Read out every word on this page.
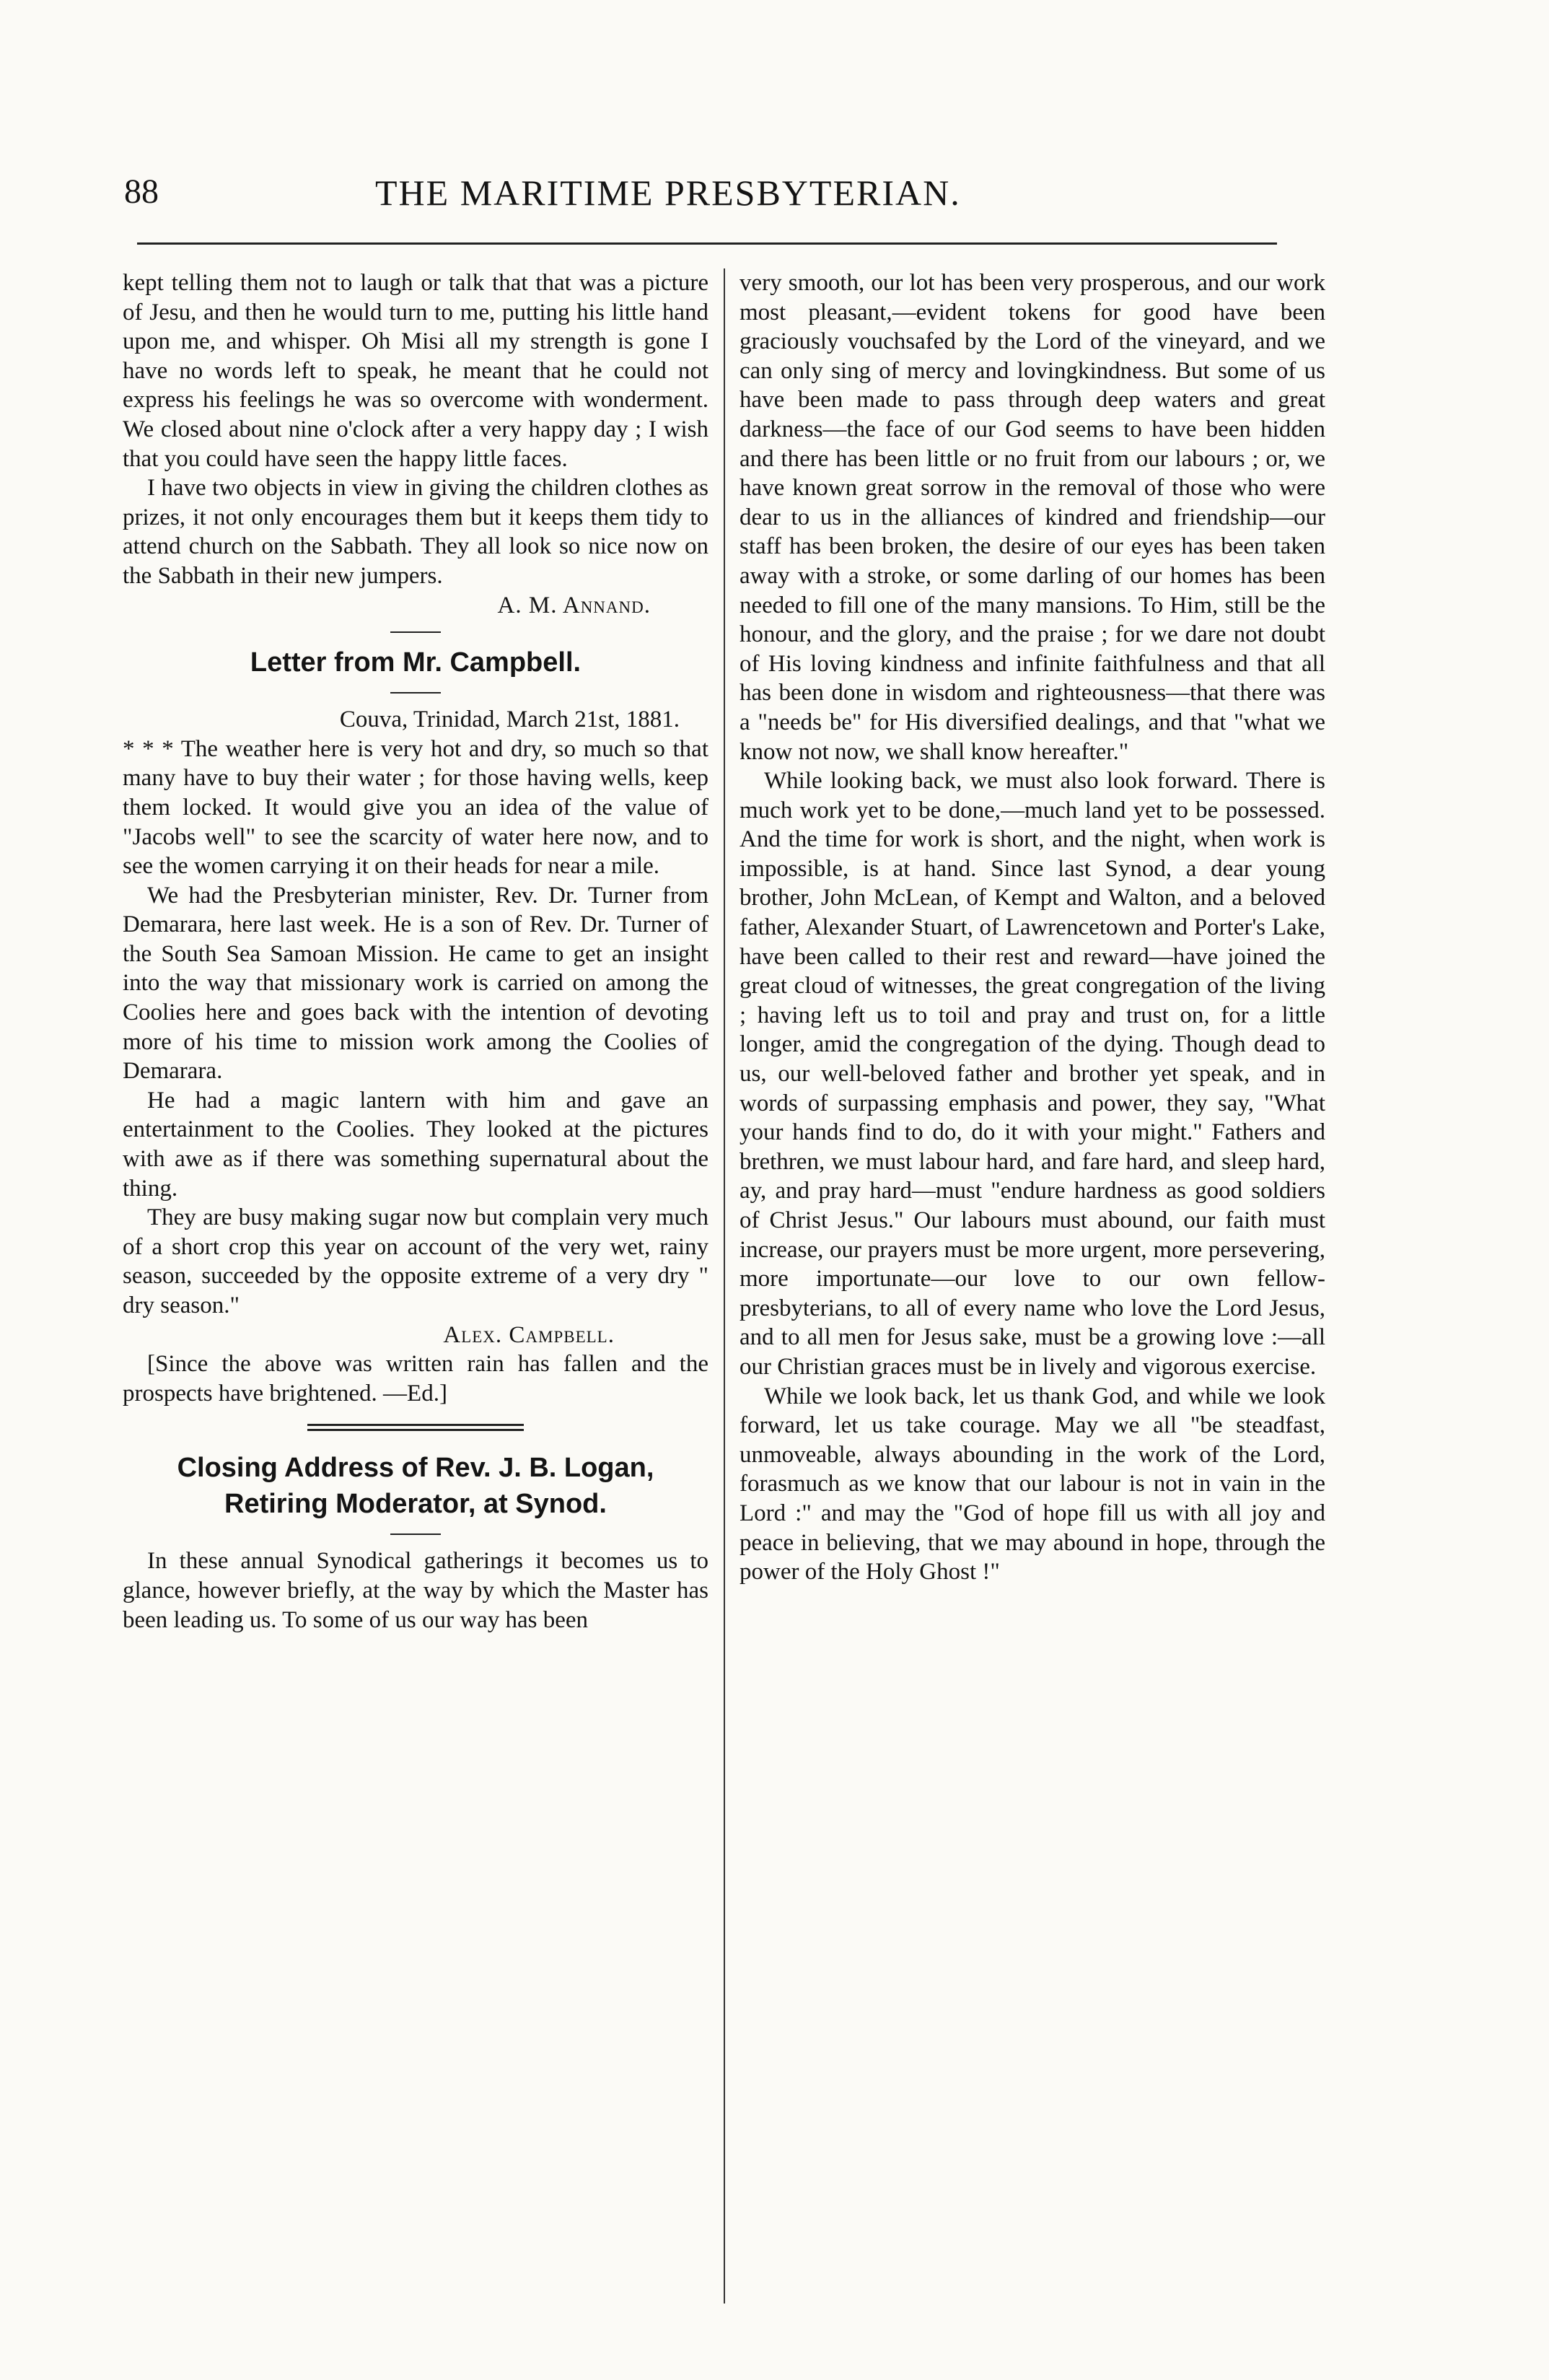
88	THE MARITIME PRESBYTERIAN.

kept telling them not to laugh or talk that that was a picture of Jesu, and then he would turn to me, putting his little hand upon me, and whisper. Oh Misi all my strength is gone I have no words left to speak, he meant that he could not express his feelings he was so overcome with wonderment. We closed about nine o'clock after a very happy day ; I wish that you could have seen the happy little faces.

I have two objects in view in giving the children clothes as prizes, it not only encourages them but it keeps them tidy to attend church on the Sabbath. They all look so nice now on the Sabbath in their new jumpers.

A. M. Annand.

Letter from Mr. Campbell.

Couva, Trinidad, March 21st, 1881.

* * * The weather here is very hot and dry, so much so that many have to buy their water ; for those having wells, keep them locked. It would give you an idea of the value of "Jacobs well" to see the scarcity of water here now, and to see the women carrying it on their heads for near a mile.

We had the Presbyterian minister, Rev. Dr. Turner from Demarara, here last week. He is a son of Rev. Dr. Turner of the South Sea Samoan Mission. He came to get an insight into the way that missionary work is carried on among the Coolies here and goes back with the intention of devoting more of his time to mission work among the Coolies of Demarara.

He had a magic lantern with him and gave an entertainment to the Coolies. They looked at the pictures with awe as if there was something supernatural about the thing.

They are busy making sugar now but complain very much of a short crop this year on account of the very wet, rainy season, succeeded by the opposite extreme of a very dry " dry season."

Alex. Campbell.

[Since the above was written rain has fallen and the prospects have brightened. —Ed.]

Closing Address of Rev. J. B. Logan,
Retiring Moderator, at Synod.

In these annual Synodical gatherings it becomes us to glance, however briefly, at the way by which the Master has been leading us. To some of us our way has been

very smooth, our lot has been very prosperous, and our work most pleasant,—evident tokens for good have been graciously vouchsafed by the Lord of the vineyard, and we can only sing of mercy and lovingkindness. But some of us have been made to pass through deep waters and great darkness—the face of our God seems to have been hidden and there has been little or no fruit from our labours ; or, we have known great sorrow in the removal of those who were dear to us in the alliances of kindred and friendship—our staff has been broken, the desire of our eyes has been taken away with a stroke, or some darling of our homes has been needed to fill one of the many mansions. To Him, still be the honour, and the glory, and the praise ; for we dare not doubt of His loving kindness and infinite faithfulness and that all has been done in wisdom and righteousness—that there was a "needs be" for His diversified dealings, and that "what we know not now, we shall know hereafter."

While looking back, we must also look forward. There is much work yet to be done,—much land yet to be possessed. And the time for work is short, and the night, when work is impossible, is at hand. Since last Synod, a dear young brother, John McLean, of Kempt and Walton, and a beloved father, Alexander Stuart, of Lawrencetown and Porter's Lake, have been called to their rest and reward—have joined the great cloud of witnesses, the great congregation of the living ; having left us to toil and pray and trust on, for a little longer, amid the congregation of the dying. Though dead to us, our well-beloved father and brother yet speak, and in words of surpassing emphasis and power, they say, "What your hands find to do, do it with your might." Fathers and brethren, we must labour hard, and fare hard, and sleep hard, ay, and pray hard—must "endure hardness as good soldiers of Christ Jesus." Our labours must abound, our faith must increase, our prayers must be more urgent, more persevering, more importunate—our love to our own fellow-presbyterians, to all of every name who love the Lord Jesus, and to all men for Jesus sake, must be a growing love :—all our Christian graces must be in lively and vigorous exercise.

While we look back, let us thank God, and while we look forward, let us take courage. May we all "be steadfast, unmoveable, always abounding in the work of the Lord, forasmuch as we know that our labour is not in vain in the Lord :" and may the "God of hope fill us with all joy and peace in believing, that we may abound in hope, through the power of the Holy Ghost !"
